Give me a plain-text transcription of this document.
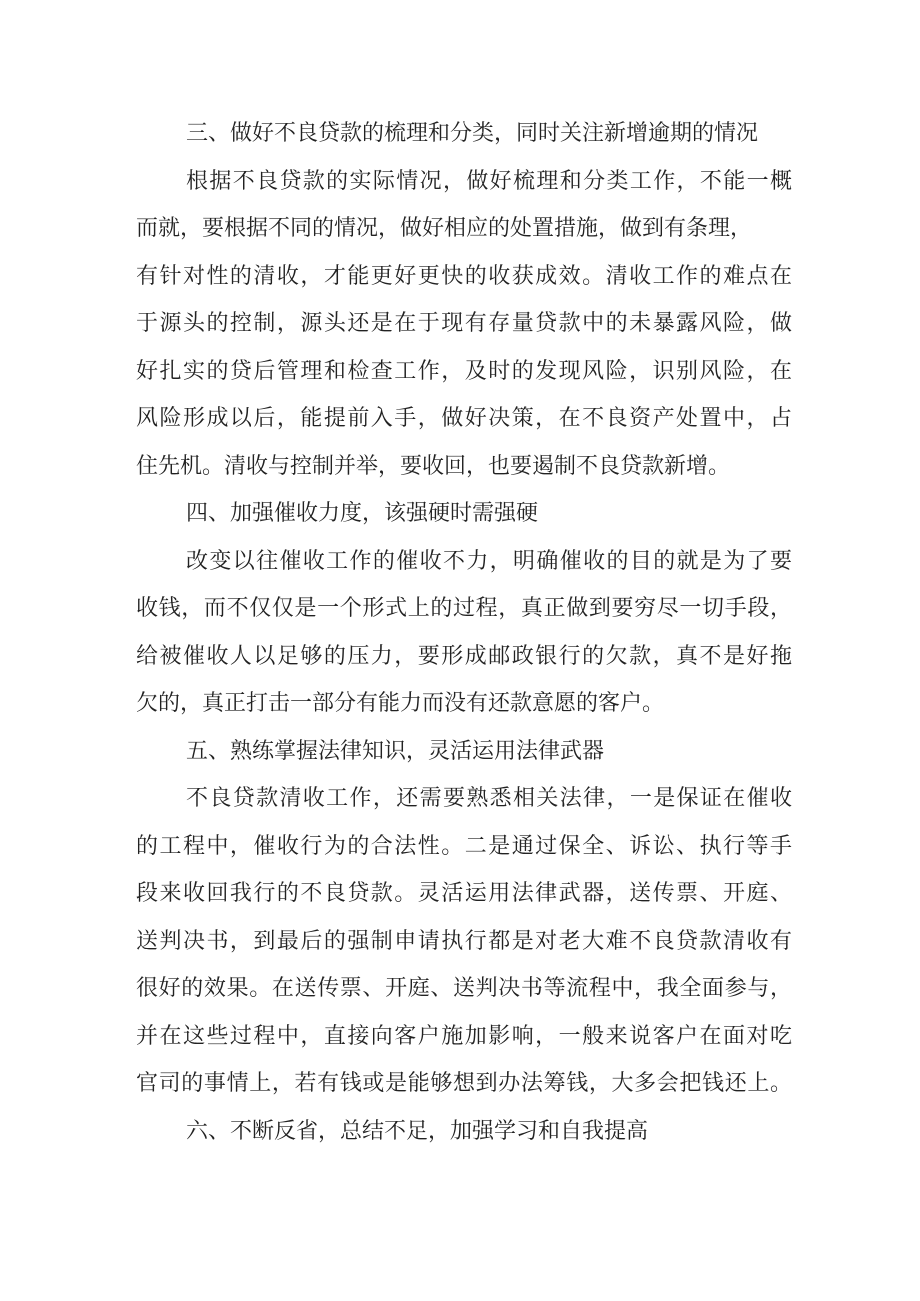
三、做好不良贷款的梳理和分类，同时关注新增逾期的情况
根据不良贷款的实际情况，做好梳理和分类工作，不能一概
而就，要根据不同的情况，做好相应的处置措施，做到有条理，
有针对性的清收，才能更好更快的收获成效。清收工作的难点在
于源头的控制，源头还是在于现有存量贷款中的未暴露风险，做
好扎实的贷后管理和检查工作，及时的发现风险，识别风险，在
风险形成以后，能提前入手，做好决策，在不良资产处置中，占
住先机。清收与控制并举，要收回，也要遏制不良贷款新增。
四、加强催收力度，该强硬时需强硬
改变以往催收工作的催收不力，明确催收的目的就是为了要
收钱，而不仅仅是一个形式上的过程，真正做到要穷尽一切手段，
给被催收人以足够的压力，要形成邮政银行的欠款，真不是好拖
欠的，真正打击一部分有能力而没有还款意愿的客户。
五、熟练掌握法律知识，灵活运用法律武器
不良贷款清收工作，还需要熟悉相关法律，一是保证在催收
的工程中，催收行为的合法性。二是通过保全、诉讼、执行等手
段来收回我行的不良贷款。灵活运用法律武器，送传票、开庭、
送判决书，到最后的强制申请执行都是对老大难不良贷款清收有
很好的效果。在送传票、开庭、送判决书等流程中，我全面参与，
并在这些过程中，直接向客户施加影响，一般来说客户在面对吃
官司的事情上，若有钱或是能够想到办法筹钱，大多会把钱还上。
六、不断反省，总结不足，加强学习和自我提高
